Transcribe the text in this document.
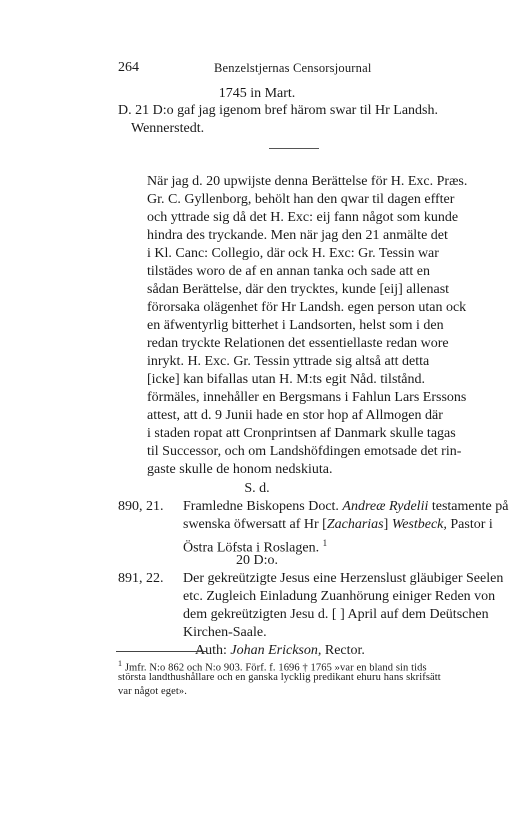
264	Benzelstjernas Censorsjournal
1745 in Mart.
D. 21 D:o gaf jag igenom bref härom swar til Hr Landsh.
Wennerstedt.
När jag d. 20 upwijste denna Berättelse för H. Exc. Præs.
Gr. C. Gyllenborg, behölt han den qwar til dagen effter
och yttrade sig då det H. Exc: eij fann något som kunde
hindra des tryckande. Men när jag den 21 anmälte det
i Kl. Canc: Collegio, där ock H. Exc: Gr. Tessin war
tilstädes woro de af en annan tanka och sade att en
sådan Berättelse, där den trycktes, kunde [eij] allenast
förorsaka olägenhet för Hr Landsh. egen person utan ock
en äfwentyrlig bitterhet i Landsorten, helst som i den
redan tryckte Relationen det essentiellaste redan wore
inrykt. H. Exc. Gr. Tessin yttrade sig altså att detta
[icke] kan bifallas utan H. M:ts egit Nåd. tilstånd.
förmäles, innehåller en Bergsmans i Fahlun Lars Erssons
attest, att d. 9 Junii hade en stor hop af Allmogen där
i staden ropat att Cronprintsen af Danmark skulle tagas
til Successor, och om Landshöfdingen emotsade det rin-
gaste skulle de honom nedskiuta.
S. d.
890, 21. Framledne Biskopens Doct. Andreæ Rydelii testamente på
swenska öfwersatt af Hr [Zacharias] Westbeck, Pastor i
Östra Löfsta i Roslagen. $^1$
20 D:o.
891, 22. Der gekreützigte Jesus eine Herzenslust gläubiger Seelen
etc. Zugleich Einladung Zuanhörung einiger Reden von
dem gekreützigten Jesu d. [ ] April auf dem Deütschen
Kirchen-Saale.
Auth: Johan Erickson, Rector.
$^1$ Jmfr. N:o 862 och N:o 903. Förf. f. 1696 † 1765 »var en bland sin tids
största landthushållare och en ganska lycklig predikant ehuru hans skrifsätt
var något eget».
